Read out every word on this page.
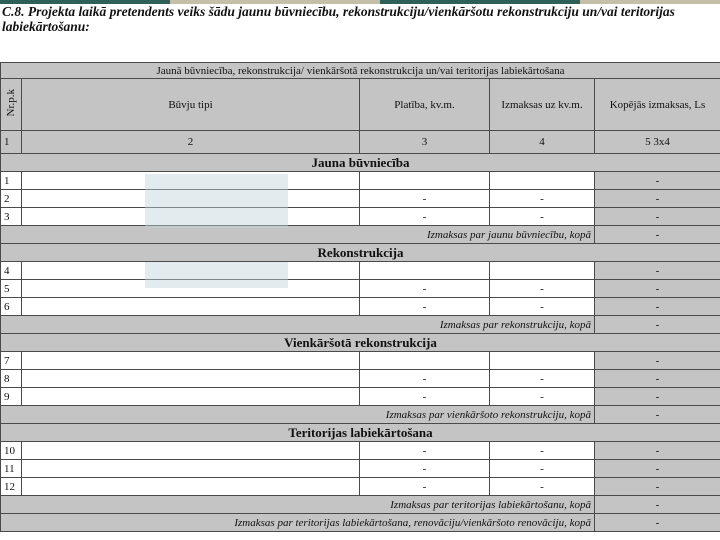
C.8. Projekta laikā pretendents veiks šādu jaunu būvniecību, rekonstrukciju/vienkāršotu rekonstrukciju un/vai teritorijas labiekārtošanu:
Jaunā būvniecība, rekonstrukcija/ vienkāršotā rekonstrukcija un/vai teritorijas labiekārtošana				
Nr.p.k	Būvju tipi	Platība, kv.m.	Izmaksas uz kv.m.	Kopējās izmaksas, Ls
1	2	3	4	5 3x4
Jauna būvniecība				
1				-
2		-	-	-
3		-	-	-
Izmaksas par jaunu būvniecību, kopā				-
Rekonstrukcija				
4				-
5		-	-	-
6		-	-	-
Izmaksas par rekonstrukciju, kopā				-
Vienkāršotā rekonstrukcija				
7				-
8		-	-	-
9		-	-	-
Izmaksas par vienkāršoto rekonstrukciju, kopā				-
Teritorijas labiekārtošana				
10		-	-	-
11		-	-	-
12		-	-	-
Izmaksas par teritorijas labiekārtošanu, kopā				-
Izmaksas par teritorijas labiekārtošana, renovāciju/vienkāršoto renovāciju, kopā				-
